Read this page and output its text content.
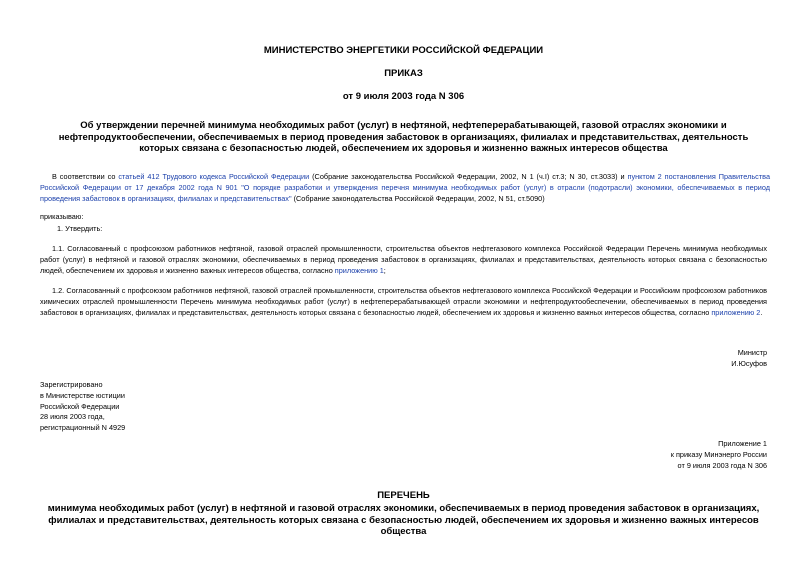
МИНИСТЕРСТВО ЭНЕРГЕТИКИ РОССИЙСКОЙ ФЕДЕРАЦИИ
ПРИКАЗ
от 9 июля 2003 года N 306
Об утверждении перечней минимума необходимых работ (услуг) в нефтяной, нефтеперерабатывающей, газовой отраслях экономики и нефтепродуктообеспечении, обеспечиваемых в период проведения забастовок в организациях, филиалах и представительствах, деятельность которых связана с безопасностью людей, обеспечением их здоровья и жизненно важных интересов общества
В соответствии со статьей 412 Трудового кодекса Российской Федерации (Собрание законодательства Российской Федерации, 2002, N 1 (ч.I) ст.3; N 30, ст.3033) и пунктом 2 постановления Правительства Российской Федерации от 17 декабря 2002 года N 901 "О порядке разработки и утверждения перечня минимума необходимых работ (услуг) в отрасли (подотрасли) экономики, обеспечиваемых в период проведения забастовок в организациях, филиалах и представительствах" (Собрание законодательства Российской Федерации, 2002, N 51, ст.5090)
приказываю:
1. Утвердить:
1.1. Согласованный с профсоюзом работников нефтяной, газовой отраслей промышленности, строительства объектов нефтегазового комплекса Российской Федерации Перечень минимума необходимых работ (услуг) в нефтяной и газовой отраслях экономики, обеспечиваемых в период проведения забастовок в организациях, филиалах и представительствах, деятельность которых связана с безопасностью людей, обеспечением их здоровья и жизненно важных интересов общества, согласно приложению 1;
1.2. Согласованный с профсоюзом работников нефтяной, газовой отраслей промышленности, строительства объектов нефтегазового комплекса Российской Федерации и Российским профсоюзом работников химических отраслей промышленности Перечень минимума необходимых работ (услуг) в нефтеперерабатывающей отрасли экономики и нефтепродуктообеспечении, обеспечиваемых в период проведения забастовок в организациях, филиалах и представительствах, деятельность которых связана с безопасностью людей, обеспечением их здоровья и жизненно важных интересов общества, согласно приложению 2.
Министр
И.Юсуфов
Зарегистрировано
в Министерстве юстиции
Российской Федерации
28 июля 2003 года,
регистрационный N 4929
Приложение 1
к приказу Минэнерго России
от 9 июля 2003 года N 306
ПЕРЕЧЕНЬ
минимума необходимых работ (услуг) в нефтяной и газовой отраслях экономики, обеспечиваемых в период проведения забастовок в организациях, филиалах и представительствах, деятельность которых связана с безопасностью людей, обеспечением их здоровья и жизненно важных интересов общества
